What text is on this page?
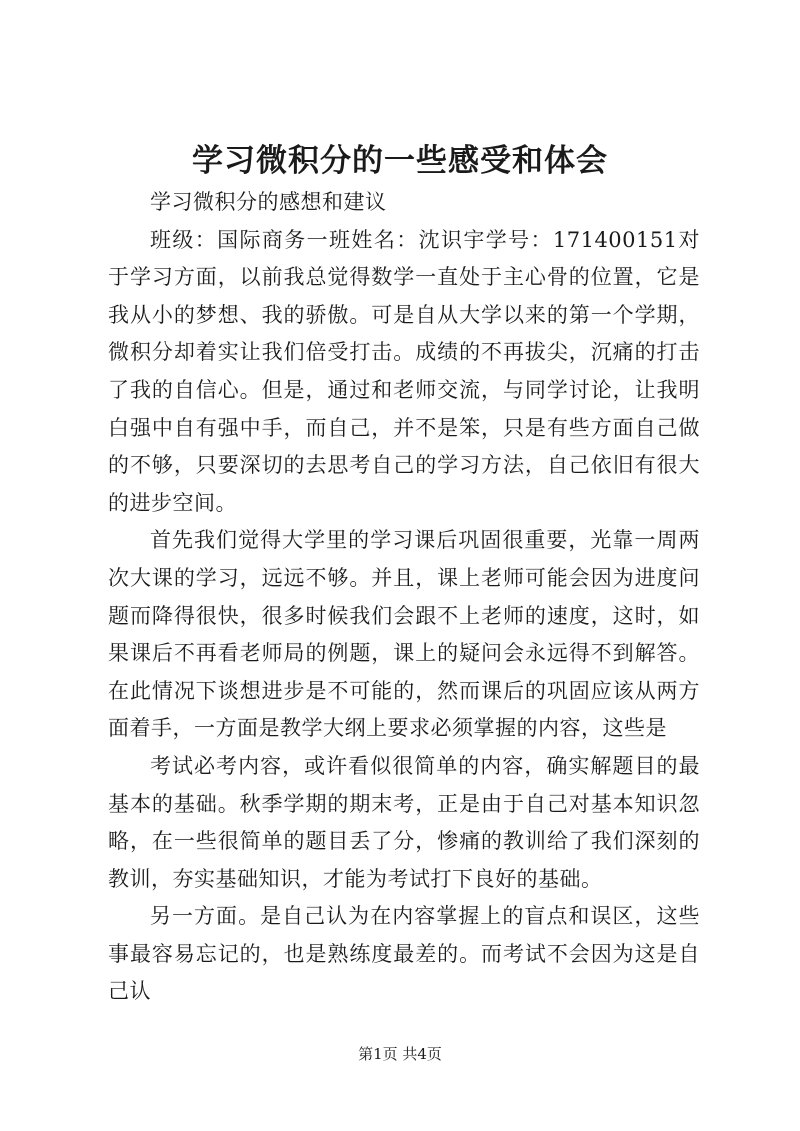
学习微积分的一些感受和体会

学习微积分的感想和建议

班级：国际商务一班姓名：沈识宇学号：171400151对于学习方面，以前我总觉得数学一直处于主心骨的位置，它是我从小的梦想、我的骄傲。可是自从大学以来的第一个学期，微积分却着实让我们倍受打击。成绩的不再拔尖，沉痛的打击了我的自信心。但是，通过和老师交流，与同学讨论，让我明白强中自有强中手，而自己，并不是笨，只是有些方面自己做的不够，只要深切的去思考自己的学习方法，自己依旧有很大的进步空间。

首先我们觉得大学里的学习课后巩固很重要，光靠一周两次大课的学习，远远不够。并且，课上老师可能会因为进度问题而降得很快，很多时候我们会跟不上老师的速度，这时，如果课后不再看老师局的例题，课上的疑问会永远得不到解答。在此情况下谈想进步是不可能的，然而课后的巩固应该从两方面着手，一方面是教学大纲上要求必须掌握的内容，这些是

考试必考内容，或许看似很简单的内容，确实解题目的最基本的基础。秋季学期的期末考，正是由于自己对基本知识忽略，在一些很简单的题目丢了分，惨痛的教训给了我们深刻的教训，夯实基础知识，才能为考试打下良好的基础。

另一方面。是自己认为在内容掌握上的盲点和误区，这些事最容易忘记的，也是熟练度最差的。而考试不会因为这是自己认

第1页 共4页
